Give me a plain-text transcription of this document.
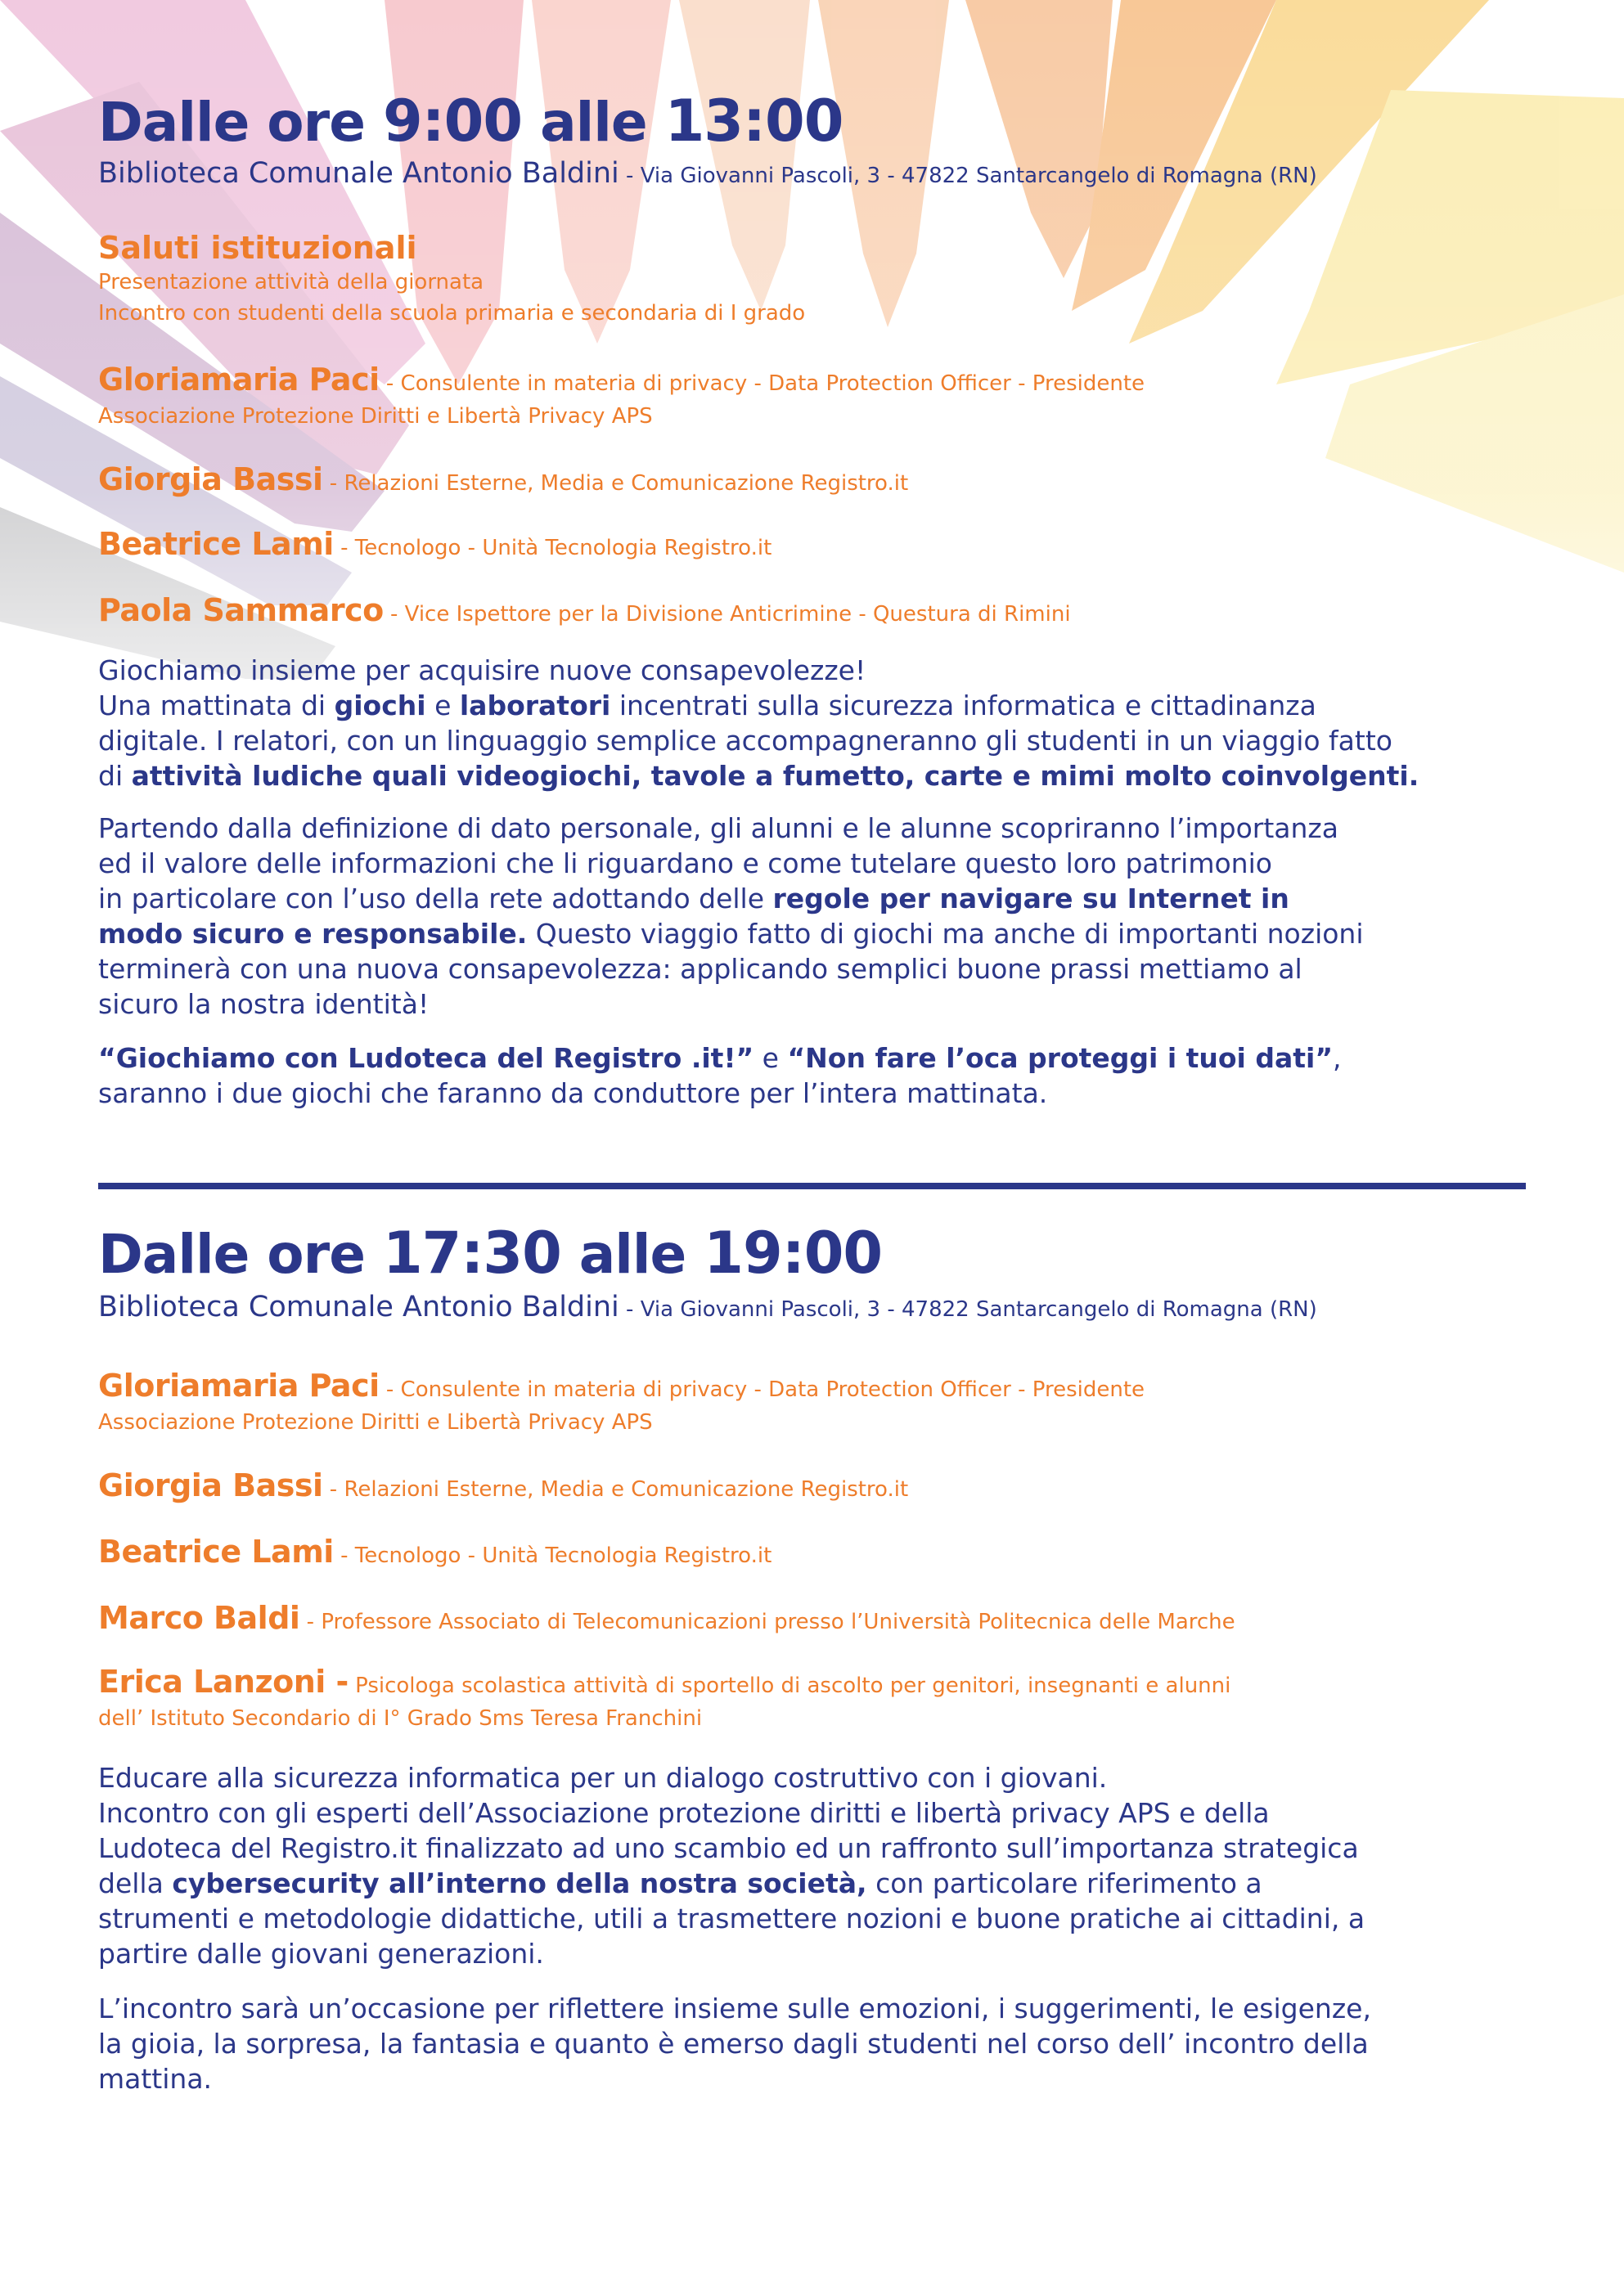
Dalle ore 9:00 alle 13:00
Biblioteca Comunale Antonio Baldini - Via Giovanni Pascoli, 3 - 47822 Santarcangelo di Romagna (RN)
Saluti istituzionali
Presentazione attività della giornata
Incontro con studenti della scuola primaria e secondaria di I grado
Gloriamaria Paci - Consulente in materia di privacy - Data Protection Officer - Presidente
Associazione Protezione Diritti e Libertà Privacy APS
Giorgia Bassi - Relazioni Esterne, Media e Comunicazione Registro.it
Beatrice Lami - Tecnologo - Unità Tecnologia Registro.it
Paola Sammarco - Vice Ispettore per la Divisione Anticrimine - Questura di Rimini
Giochiamo insieme per acquisire nuove consapevolezze!
Una mattinata di giochi e laboratori incentrati sulla sicurezza informatica e cittadinanza
digitale. I relatori, con un linguaggio semplice accompagneranno gli studenti in un viaggio fatto
di attività ludiche quali videogiochi, tavole a fumetto, carte e mimi molto coinvolgenti.
Partendo dalla definizione di dato personale, gli alunni e le alunne scopriranno l’importanza
ed il valore delle informazioni che li riguardano e come tutelare questo loro patrimonio
in particolare con l’uso della rete adottando delle regole per navigare su Internet in
modo sicuro e responsabile. Questo viaggio fatto di giochi ma anche di importanti nozioni
terminerà con una nuova consapevolezza: applicando semplici buone prassi mettiamo al
sicuro la nostra identità!
“Giochiamo con Ludoteca del Registro .it!” e “Non fare l’oca proteggi i tuoi dati”,
saranno i due giochi che faranno da conduttore per l’intera mattinata.
Dalle ore 17:30 alle 19:00
Biblioteca Comunale Antonio Baldini - Via Giovanni Pascoli, 3 - 47822 Santarcangelo di Romagna (RN)
Gloriamaria Paci - Consulente in materia di privacy - Data Protection Officer - Presidente
Associazione Protezione Diritti e Libertà Privacy APS
Giorgia Bassi - Relazioni Esterne, Media e Comunicazione Registro.it
Beatrice Lami - Tecnologo - Unità Tecnologia Registro.it
Marco Baldi - Professore Associato di Telecomunicazioni presso l’Università Politecnica delle Marche
Erica Lanzoni - Psicologa scolastica attività di sportello di ascolto per genitori, insegnanti e alunni
dell’ Istituto Secondario di I° Grado Sms Teresa Franchini
Educare alla sicurezza informatica per un dialogo costruttivo con i giovani.
Incontro con gli esperti dell’Associazione protezione diritti e libertà privacy APS e della
Ludoteca del Registro.it finalizzato ad uno scambio ed un raffronto sull’importanza strategica
della cybersecurity all’interno della nostra società, con particolare riferimento a
strumenti e metodologie didattiche, utili a trasmettere nozioni e buone pratiche ai cittadini, a
partire dalle giovani generazioni.
L’incontro sarà un’occasione per riflettere insieme sulle emozioni, i suggerimenti, le esigenze,
la gioia, la sorpresa, la fantasia e quanto è emerso dagli studenti nel corso dell’ incontro della
mattina.
